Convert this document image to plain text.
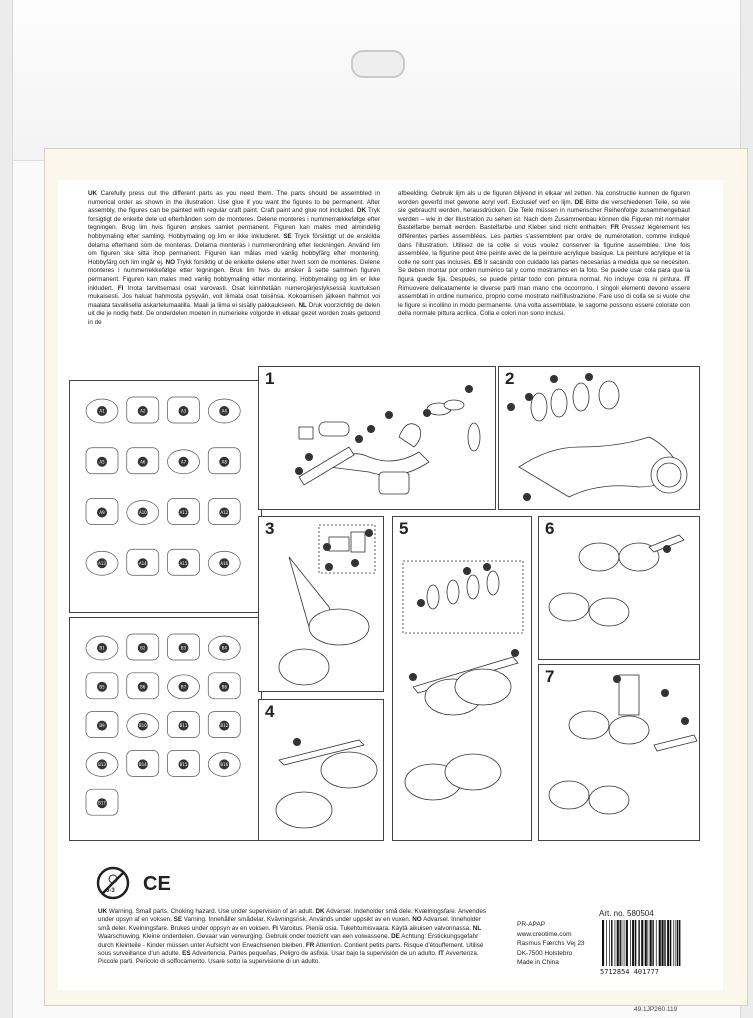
UK Carefully press out the different parts as you need them. The parts should be assembled in numerical order as shown in the illustration. Use glue if you want the figures to be permanent. After assembly, the figures can be painted with regular craft paint. Craft paint and glue not included. DK Tryk forsigtigt de enkelte dele ud efterhånden som de monteres. Delene monteres i nummerrækkefølge efter tegningen. Brug lim hvis figuren ønskes samlet permanent. Figuren kan males med almindelig hobbymaling efter samling. Hobbymaling og lim er ikke inkluderet. SE Tryck försiktigt ut de enskilda delarna efterhand som de monteras. Delarna monteras i nummerordning efter teckningen. Använd lim om figuren ska sitta ihop permanent. Figuren kan målas med vanlig hobbyfärg efter montering. Hobbyfärg och lim ingår ej. NO Trykk forsiktig ut de enkelte delene etter hvert som de monteres. Delene monteres i nummerrekkefølge etter tegningen. Bruk lim hvis du ønsker å sette sammen figuren permanent. Figuren kan males med vanlig hobbymaling etter montering. Hobbymaling og lim er ikke inkludert. FI Irrota tarvitsemasi osat varovasti. Osat kiinnitetään numerojärjestyksessä kuvituksen mukaisesti. Jos haluat hahmosta pysyvän, voit liimata osat toisiinsa. Kokoamisen jälkeen hahmot voi maalata tavallisella askartelumaalilla. Maali ja liima ei sisälly pakkaukseen. NL Druk voorzichtig de delen uit die je nodig hebt. De onderdelen moeten in numerieke volgorde in elkaar gezet worden zoals getoond in de
afbeelding. Gebruik lijm als u de figuren blijvend in elkaar wil zetten. Na constructie kunnen de figuren worden geverfd met gewone acryl verf. Exclusief verf en lijm. DE Bitte die verschiedenen Teile, so wie sie gebraucht werden, herausdrücken. Die Teile müssen in numerischer Reihenfolge zusammengebaut werden – wie in der Illustration zu sehen ist. Nach dem Zusammenbau können die Figuren mit normaler Bastelfarbe bemalt werden. Bastelfarbe und Kleber sind nicht enthalten. FR Pressez légèrement les différentes parties assemblées. Les parties s'assemblent par ordre de numérotation, comme indiqué dans l'illustration. Utilisez de la colle si vous voulez conserver la figurine assemblée. Une fois assemblée, la figurine peut être peinte avec de la peinture acrylique basique. La peinture acrylique et la colle ne sont pas incluses. ES Ir sacando con cuidado las partes necesarias a medida que se necesiten. Se deben montar por orden numérico tal y como mostramos en la foto. Se puede usar cola para que la figura quede fija. Después, se puede pintar todo con pintura normal. No incluye cola ni pintura. IT Rimuovere delicatamente le diverse parti man mano che occorrono. I singoli elementi devono essere assemblati in ordine numerico, proprio come mostrato nell'illustrazione. Fare uso di colla se si vuole che le figure si incollino in modo permanente. Una volta assemblate, le sagome possono essere colorate con della normale pittura acrilica. Colla e colori non sono inclusi.
A1	A2	A3	A4
A5	A6	A7	A8
A9	A10	A11	A12
A13	A14	A15	A16
B1	B2	B3	B4
B5	B6	B7	B8
B9	B10	B11	B12
B13	B14	B15	B16
B17
1	2
3
4
5	6
7
0-3 CE
UK Warning. Small parts. Choking hazard. Use under supervision of an adult. DK Advarsel. Indeholder små dele. Kvælningsfare. Anvendes under opsyn af en voksen. SE Varning. Innehåller smådelar. Kvävningsrisk. Används under uppsikt av en vuxen. NO Advarsel. Inneholder små deler. Kvelningsfare. Brukes under oppsyn av en voksen. FI Varoitus. Pieniä osia. Tukehtumisvaara. Käytä aikuisen valvonnassa. NL Waarschuwing. Kleine onderdelen. Gevaar van verwurging. Gebruik onder toezicht van een volwassene. DE Achtung: Erstickungsgefahr durch Kleinteile - Kinder müssen unter Aufsicht von Erwachsenen bleiben. FR Attention. Contient petits parts. Risque d'étouffement. Utilisé sous surveillance d'un adulte. ES Advertencia. Partes pequeñas. Peligro de asfixia. Usar bajo la supervisión de un adulto. IT Avvertenza. Piccole parti. Pericolo di soffocamento. Usare sotto la supervisione di un adulto.
Art. no. 580504
PR-APAP
www.creotime.com
Rasmus Færchs Vej 23
DK-7500 Holstebro
Made in China
5712854 401777
49.1JP260.119
